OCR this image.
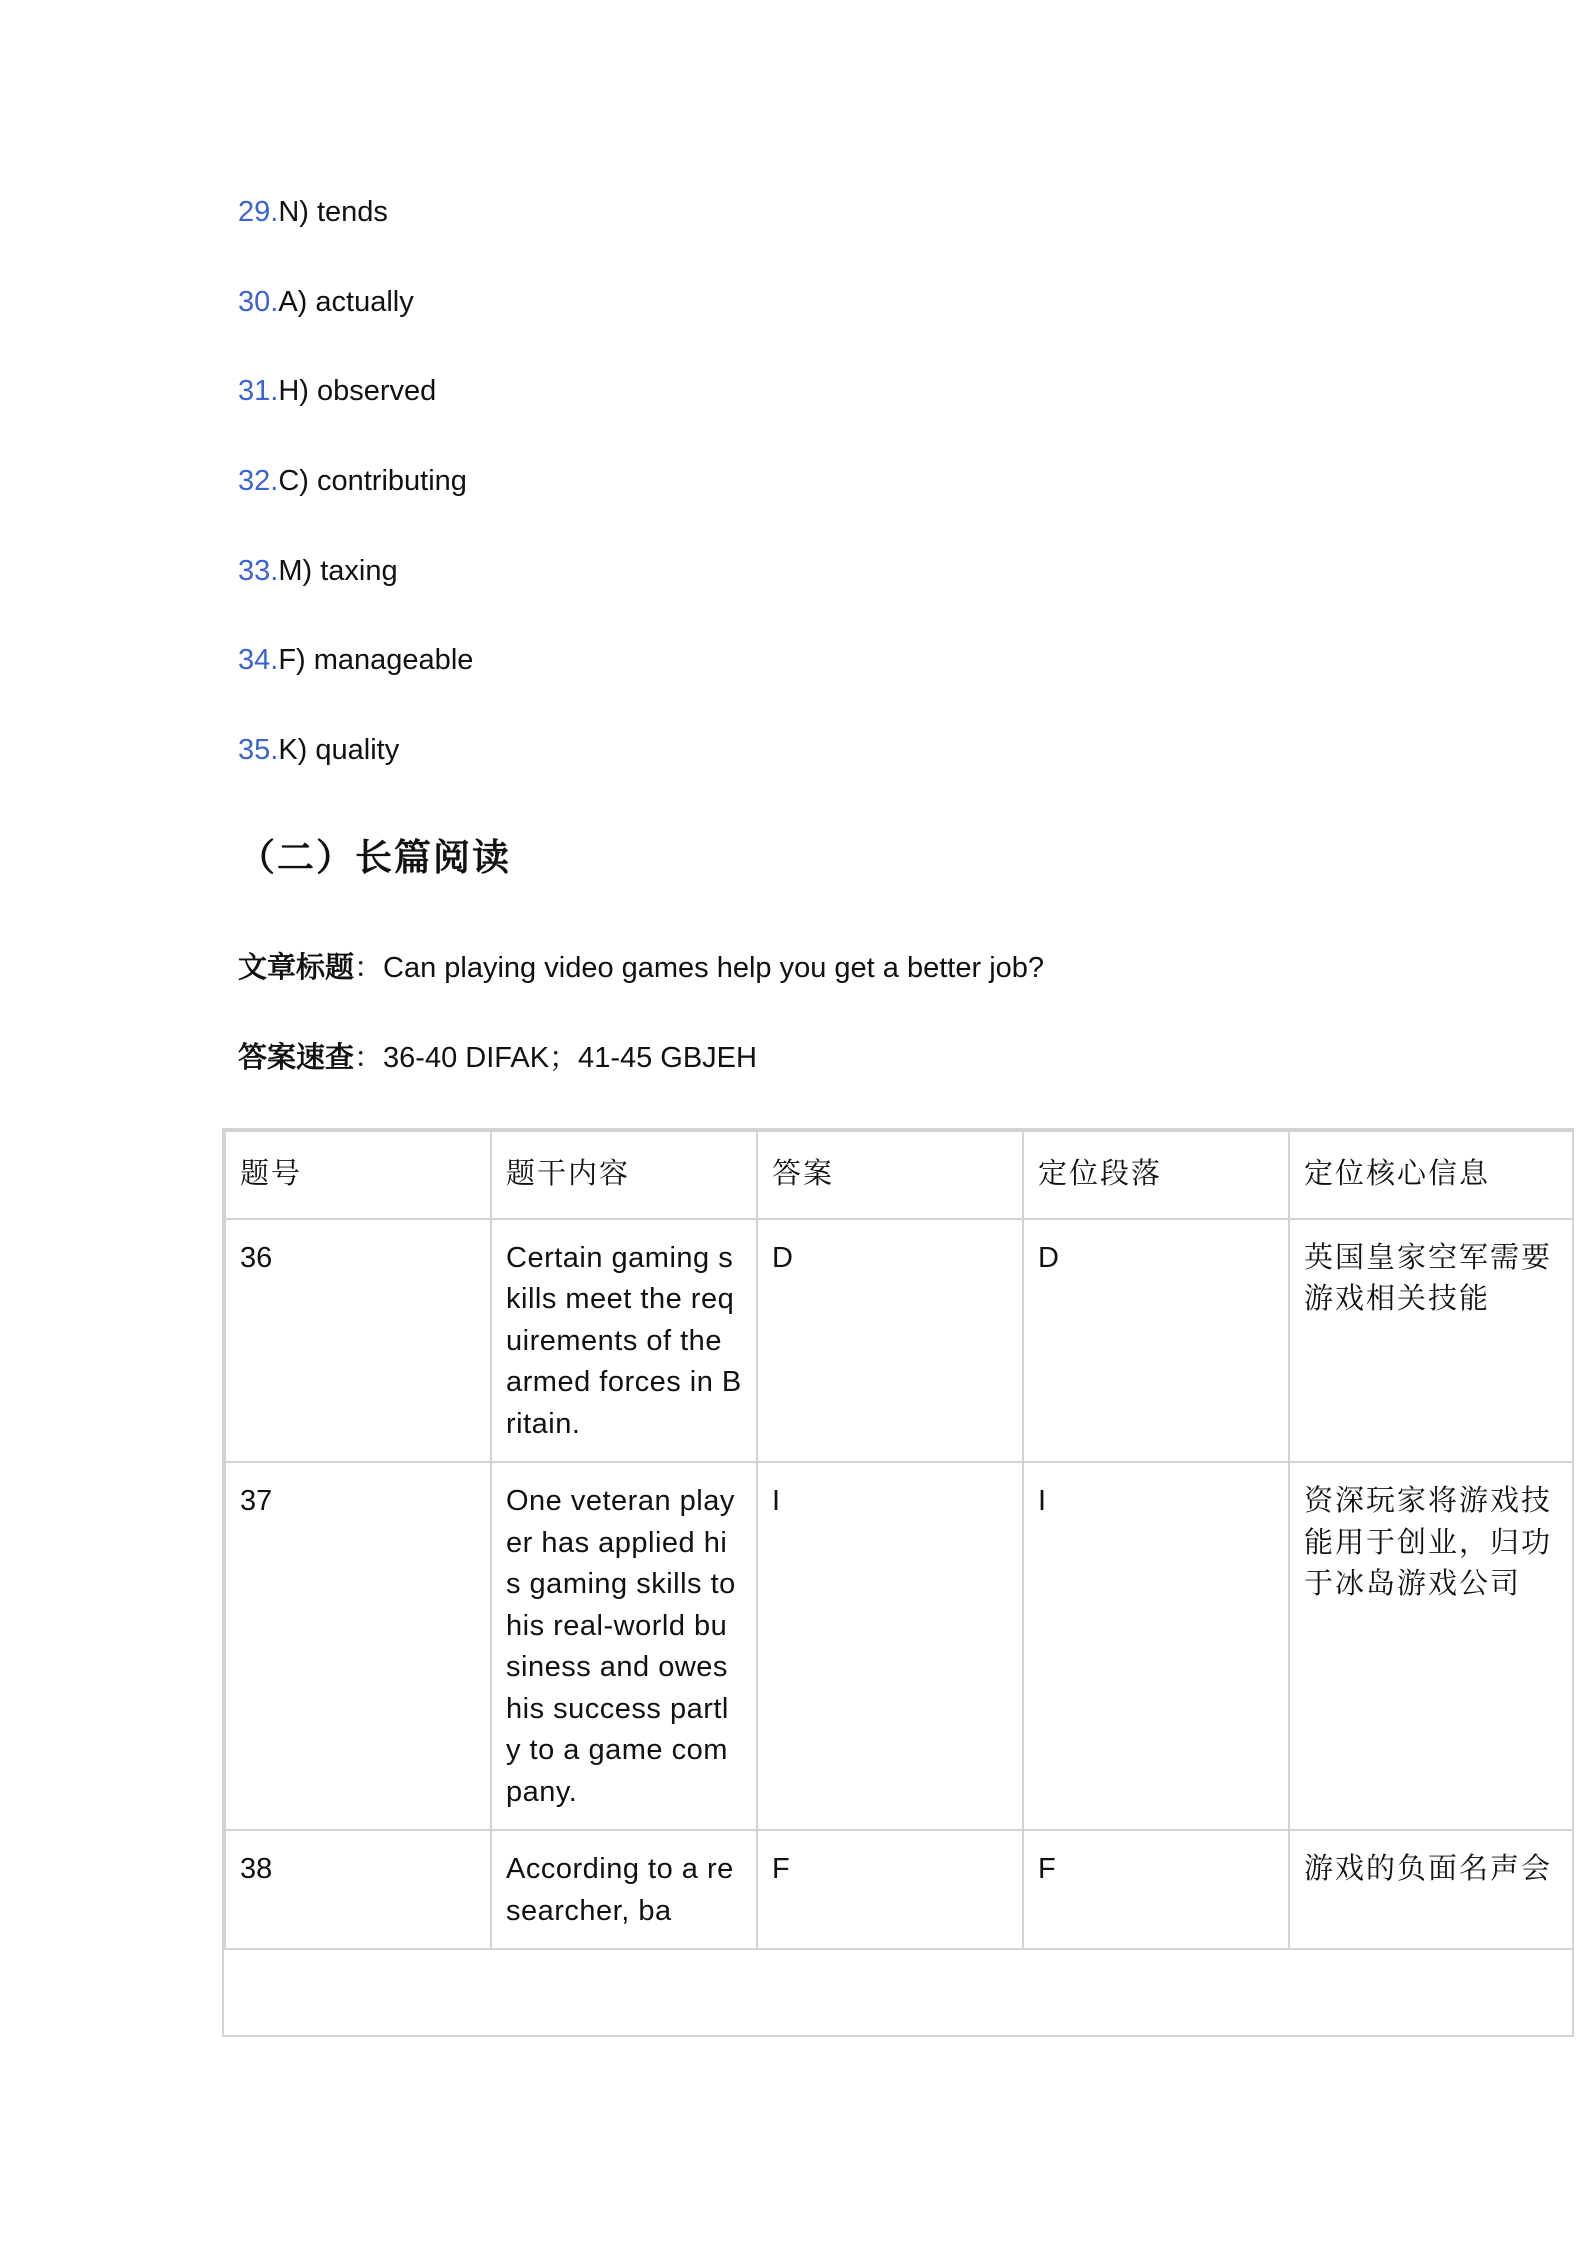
29.N) tends
30.A) actually
31.H) observed
32.C) contributing
33.M) taxing
34.F) manageable
35.K) quality
（二）长篇阅读
文章标题：Can playing video games help you get a better job?
答案速查：36-40 DIFAK；41-45 GBJEH
题号	题干内容	答案	定位段落	定位核心信息
36	Certain gaming skills meet the requirements of the armed forces in Britain.	D	D	英国皇家空军需要游戏相关技能
37	One veteran player has applied his gaming skills to his real-world business and owes his success partly to a game company.	I	I	资深玩家将游戏技能用于创业，归功于冰岛游戏公司
38	According to a researcher, ba	F	F	游戏的负面名声会
